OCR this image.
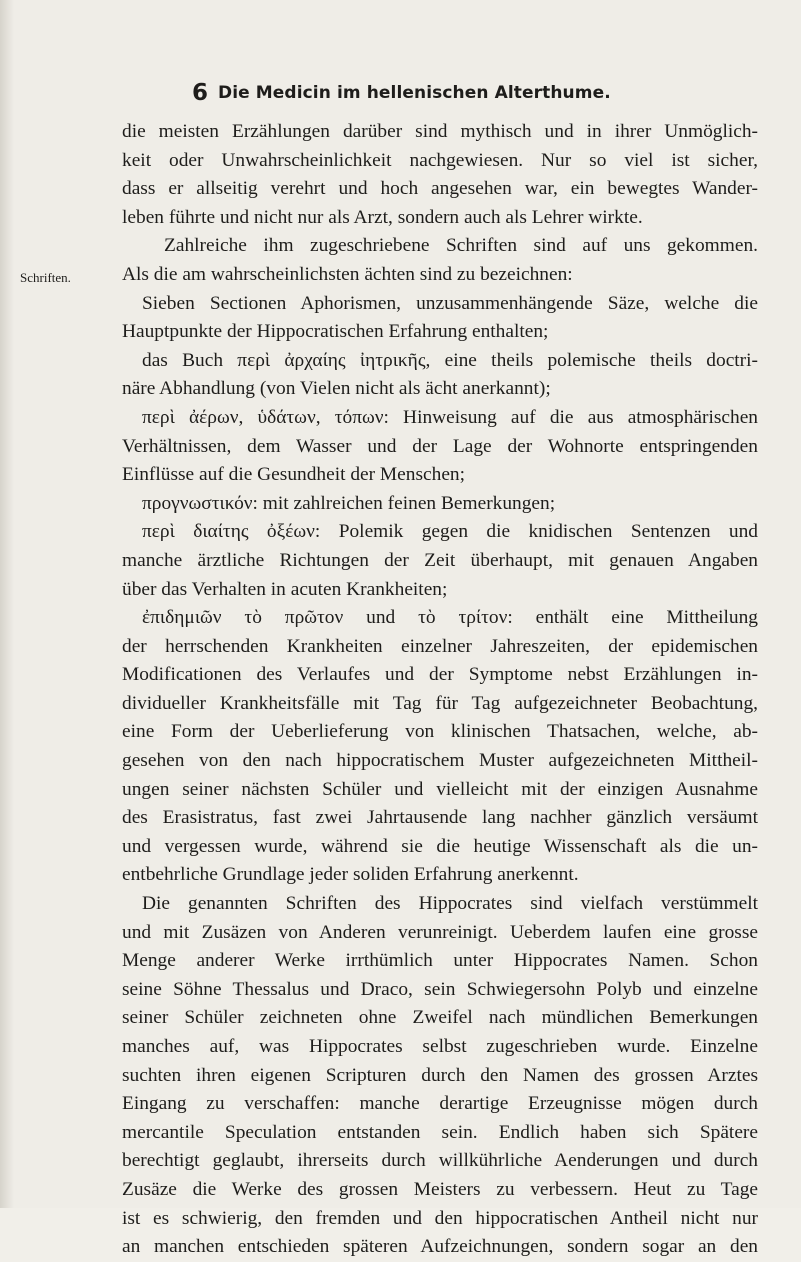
6 Die Medicin im hellenischen Alterthume.
Schriften.
die meisten Erzählungen darüber sind mythisch und in ihrer Unmöglich-
keit oder Unwahrscheinlichkeit nachgewiesen. Nur so viel ist sicher,
dass er allseitig verehrt und hoch angesehen war, ein bewegtes Wander-
leben führte und nicht nur als Arzt, sondern auch als Lehrer wirkte.
Zahlreiche ihm zugeschriebene Schriften sind auf uns gekommen.
Als die am wahrscheinlichsten ächten sind zu bezeichnen:
Sieben Sectionen Aphorismen, unzusammenhängende Säze, welche die
Hauptpunkte der Hippocratischen Erfahrung enthalten;
das Buch περὶ ἀρχαίης ἰητρικῆς, eine theils polemische theils doctri-
näre Abhandlung (von Vielen nicht als ächt anerkannt);
περὶ ἀέρων, ὑδάτων, τόπων: Hinweisung auf die aus atmosphärischen
Verhältnissen, dem Wasser und der Lage der Wohnorte entspringenden
Einflüsse auf die Gesundheit der Menschen;
προγνωστικόν: mit zahlreichen feinen Bemerkungen;
περὶ διαίτης ὀξέων: Polemik gegen die knidischen Sentenzen und
manche ärztliche Richtungen der Zeit überhaupt, mit genauen Angaben
über das Verhalten in acuten Krankheiten;
ἐπιδημιῶν τὸ πρῶτον und τὸ τρίτον: enthält eine Mittheilung
der herrschenden Krankheiten einzelner Jahreszeiten, der epidemischen
Modificationen des Verlaufes und der Symptome nebst Erzählungen in-
dividueller Krankheitsfälle mit Tag für Tag aufgezeichneter Beobachtung,
eine Form der Ueberlieferung von klinischen Thatsachen, welche, ab-
gesehen von den nach hippocratischem Muster aufgezeichneten Mittheil-
ungen seiner nächsten Schüler und vielleicht mit der einzigen Ausnahme
des Erasistratus, fast zwei Jahrtausende lang nachher gänzlich versäumt
und vergessen wurde, während sie die heutige Wissenschaft als die un-
entbehrliche Grundlage jeder soliden Erfahrung anerkennt.
Die genannten Schriften des Hippocrates sind vielfach verstümmelt
und mit Zusäzen von Anderen verunreinigt. Ueberdem laufen eine grosse
Menge anderer Werke irrthümlich unter Hippocrates Namen. Schon
seine Söhne Thessalus und Draco, sein Schwiegersohn Polyb und einzelne
seiner Schüler zeichneten ohne Zweifel nach mündlichen Bemerkungen
manches auf, was Hippocrates selbst zugeschrieben wurde. Einzelne
suchten ihren eigenen Scripturen durch den Namen des grossen Arztes
Eingang zu verschaffen: manche derartige Erzeugnisse mögen durch
mercantile Speculation entstanden sein. Endlich haben sich Spätere
berechtigt geglaubt, ihrerseits durch willkührliche Aenderungen und durch
Zusäze die Werke des grossen Meisters zu verbessern. Heut zu Tage
ist es schwierig, den fremden und den hippocratischen Antheil nicht nur
an manchen entschieden späteren Aufzeichnungen, sondern sogar an den
